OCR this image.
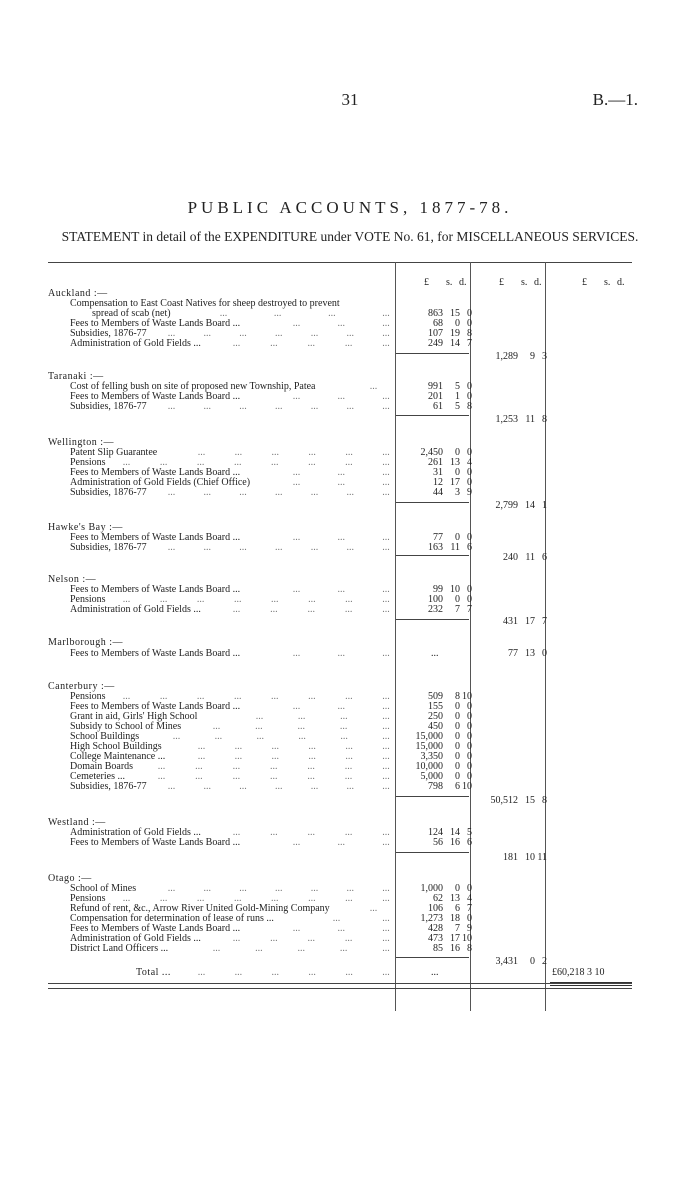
31	B.—1.
PUBLIC ACCOUNTS, 1877-78.
STATEMENT in detail of the EXPENDITURE under VOTE No. 61, for MISCELLANEOUS SERVICES.
£ s. d.	£ s. d.	£ s. d.
Auckland :—
Compensation to East Coast Natives for sheep destroyed to prevent
spread of scab (net)	...	...	...	...	863 15 0
Fees to Members of Waste Lands Board ...	...	...	...	68	0 0
Subsidies, 1876-77 ...	...	...	...	...	...	...	107 19 8
Administration of Gold Fields ...	...	...	...	...	...	249 14 7
1,289	9 3
Taranaki :—
Cost of felling bush on site of proposed new Township, Patea	...	991	5 0
Fees to Members of Waste Lands Board ...	...	...	...	201	1 0
Subsidies, 1876-77 ...	...	...	...	...	...	...	61	5 8
1,253 11 8
Wellington :—
Patent Slip Guarantee	...	...	...	...	...	...	2,450	0 0
Pensions ...	...	...	...	...	...	...	...	261 13 4
Fees to Members of Waste Lands Board ...	...	...	...	31	0 0
Administration of Gold Fields (Chief Office)	...	...	...	12 17 0
Subsidies, 1876-77 ...	...	...	...	...	...	...	44	3 9
2,799 14 1
Hawke's Bay :—
Fees to Members of Waste Lands Board ...	...	...	...	77	0 0
Subsidies, 1876-77 ...	...	...	...	...	...	...	163 11 6
240 11 6
Nelson :—
Fees to Members of Waste Lands Board ...	...	...	...	99 10 0
Pensions ...	...	...	...	...	...	...	...	100	0 0
Administration of Gold Fields ...	...	...	...	...	...	232	7 7
431 17 7
Marlborough :—
Fees to Members of Waste Lands Board ...	...	...	...	...	77 13 0
Canterbury :—
Pensions ...	...	...	...	...	...	...	...	509	8 10
Fees to Members of Waste Lands Board ...	...	...	...	155	0 0
Grant in aid, Girls' High School	...	...	...	...	250	0 0
Subsidy to School of Mines	...	...	...	...	...	450	0 0
School Buildings	...	...	...	...	...	...	15,000	0 0
High School Buildings	...	...	...	...	...	...	15,000	0 0
College Maintenance ...	...	...	...	...	...	...	3,350	0 0
Domain Boards ...	...	...	...	...	...	...	10,000	0 0
Cemeteries ...	...	...	...	...	...	...	...	5,000	0 0
Subsidies, 1876-77 ...	...	...	...	...	...	...	798	6 10
50,512 15 8
Westland :—
Administration of Gold Fields ...	...	...	...	...	...	124 14 5
Fees to Members of Waste Lands Board ...	...	...	...	56 16 6
181 10 11
Otago :—
School of Mines	...	...	...	...	...	...	...	1,000	0 0
Pensions ...	...	...	...	...	...	...	...	62 13 4
Refund of rent, &c., Arrow River United Gold-Mining Company	...	106	6 7
Compensation for determination of lease of runs ...	...	...	1,273 18 0
Fees to Members of Waste Lands Board ...	...	...	...	428	7 9
Administration of Gold Fields ...	...	...	...	...	...	473 17 10
District Land Officers ...	...	...	...	...	...	85 16 8
3,431	0 2
Total ...	...	...	...	...	...	...	...	£60,218 3 10
